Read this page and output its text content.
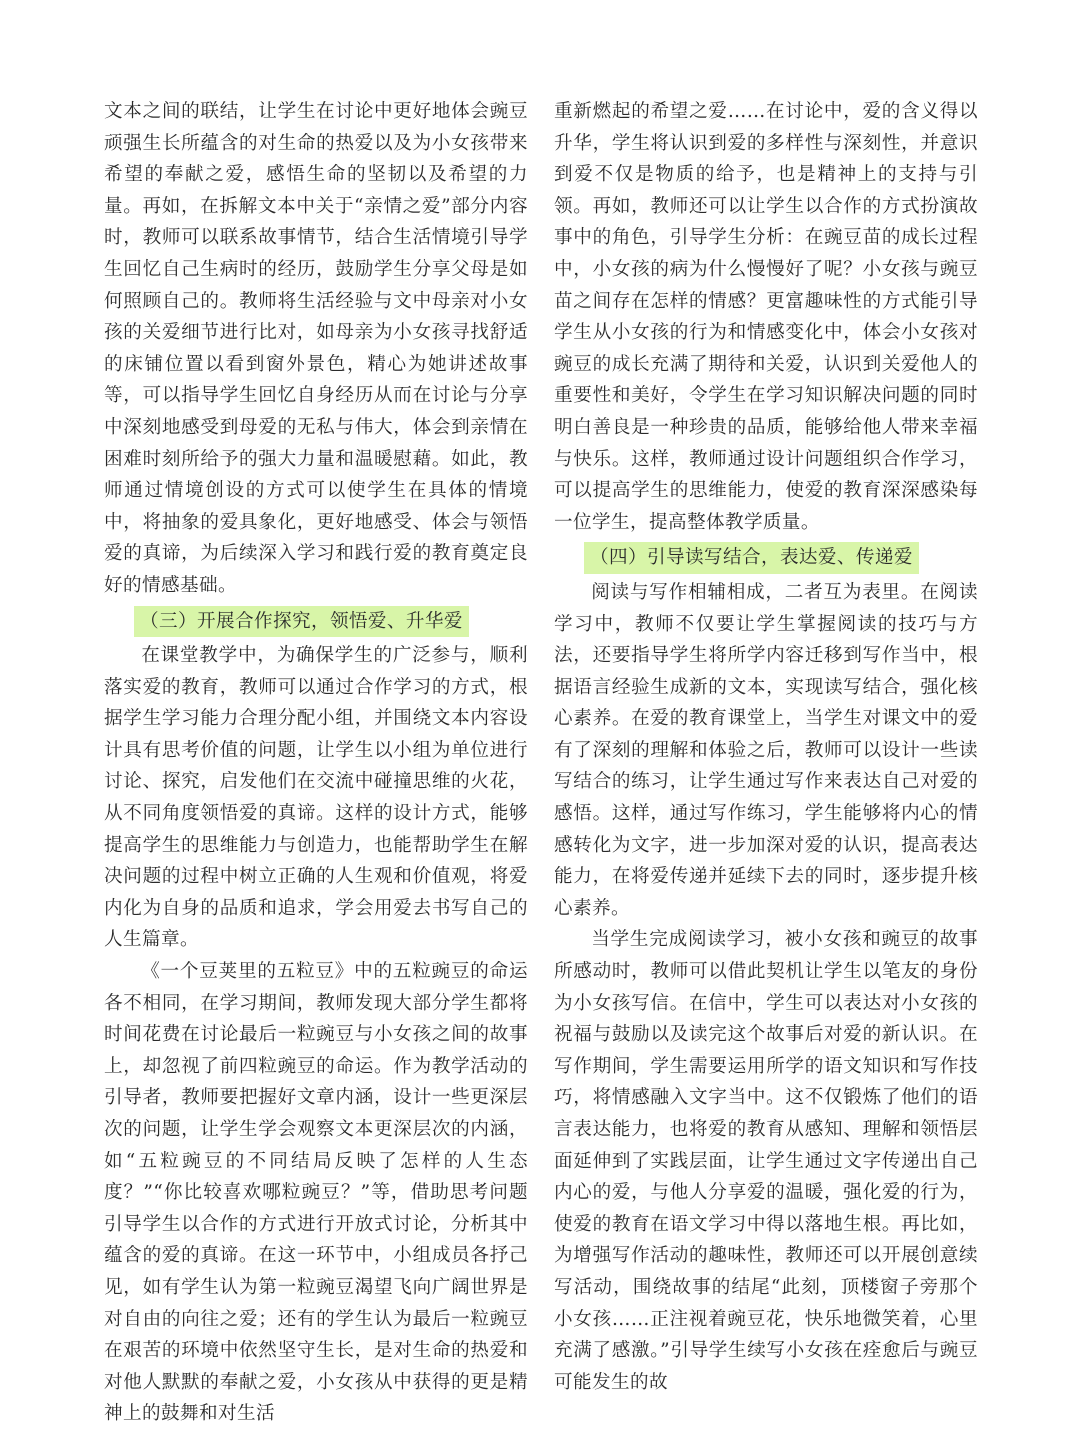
文本之间的联结，让学生在讨论中更好地体会豌豆顽强生长所蕴含的对生命的热爱以及为小女孩带来希望的奉献之爱，感悟生命的坚韧以及希望的力量。再如，在拆解文本中关于“亲情之爱”部分内容时，教师可以联系故事情节，结合生活情境引导学生回忆自己生病时的经历，鼓励学生分享父母是如何照顾自己的。教师将生活经验与文中母亲对小女孩的关爱细节进行比对，如母亲为小女孩寻找舒适的床铺位置以看到窗外景色，精心为她讲述故事等，可以指导学生回忆自身经历从而在讨论与分享中深刻地感受到母爱的无私与伟大，体会到亲情在困难时刻所给予的强大力量和温暖慰藉。如此，教师通过情境创设的方式可以使学生在具体的情境中，将抽象的爱具象化，更好地感受、体会与领悟爱的真谛，为后续深入学习和践行爱的教育奠定良好的情感基础。

（三）开展合作探究，领悟爱、升华爱

在课堂教学中，为确保学生的广泛参与，顺利落实爱的教育，教师可以通过合作学习的方式，根据学生学习能力合理分配小组，并围绕文本内容设计具有思考价值的问题，让学生以小组为单位进行讨论、探究，启发他们在交流中碰撞思维的火花，从不同角度领悟爱的真谛。这样的设计方式，能够提高学生的思维能力与创造力，也能帮助学生在解决问题的过程中树立正确的人生观和价值观，将爱内化为自身的品质和追求，学会用爱去书写自己的人生篇章。

《一个豆荚里的五粒豆》中的五粒豌豆的命运各不相同，在学习期间，教师发现大部分学生都将时间花费在讨论最后一粒豌豆与小女孩之间的故事上，却忽视了前四粒豌豆的命运。作为教学活动的引导者，教师要把握好文章内涵，设计一些更深层次的问题，让学生学会观察文本更深层次的内涵，如“五粒豌豆的不同结局反映了怎样的人生态度？”“你比较喜欢哪粒豌豆？”等，借助思考问题引导学生以合作的方式进行开放式讨论，分析其中蕴含的爱的真谛。在这一环节中，小组成员各抒己见，如有学生认为第一粒豌豆渴望飞向广阔世界是对自由的向往之爱；还有的学生认为最后一粒豌豆在艰苦的环境中依然坚守生长，是对生命的热爱和对他人默默的奉献之爱，小女孩从中获得的更是精神上的鼓舞和对生活

重新燃起的希望之爱……在讨论中，爱的含义得以升华，学生将认识到爱的多样性与深刻性，并意识到爱不仅是物质的给予，也是精神上的支持与引领。再如，教师还可以让学生以合作的方式扮演故事中的角色，引导学生分析：在豌豆苗的成长过程中，小女孩的病为什么慢慢好了呢？小女孩与豌豆苗之间存在怎样的情感？更富趣味性的方式能引导学生从小女孩的行为和情感变化中，体会小女孩对豌豆的成长充满了期待和关爱，认识到关爱他人的重要性和美好，令学生在学习知识解决问题的同时明白善良是一种珍贵的品质，能够给他人带来幸福与快乐。这样，教师通过设计问题组织合作学习，可以提高学生的思维能力，使爱的教育深深感染每一位学生，提高整体教学质量。

（四）引导读写结合，表达爱、传递爱

阅读与写作相辅相成，二者互为表里。在阅读学习中，教师不仅要让学生掌握阅读的技巧与方法，还要指导学生将所学内容迁移到写作当中，根据语言经验生成新的文本，实现读写结合，强化核心素养。在爱的教育课堂上，当学生对课文中的爱有了深刻的理解和体验之后，教师可以设计一些读写结合的练习，让学生通过写作来表达自己对爱的感悟。这样，通过写作练习，学生能够将内心的情感转化为文字，进一步加深对爱的认识，提高表达能力，在将爱传递并延续下去的同时，逐步提升核心素养。

当学生完成阅读学习，被小女孩和豌豆的故事所感动时，教师可以借此契机让学生以笔友的身份为小女孩写信。在信中，学生可以表达对小女孩的祝福与鼓励以及读完这个故事后对爱的新认识。在写作期间，学生需要运用所学的语文知识和写作技巧，将情感融入文字当中。这不仅锻炼了他们的语言表达能力，也将爱的教育从感知、理解和领悟层面延伸到了实践层面，让学生通过文字传递出自己内心的爱，与他人分享爱的温暖，强化爱的行为，使爱的教育在语文学习中得以落地生根。再比如，为增强写作活动的趣味性，教师还可以开展创意续写活动，围绕故事的结尾“此刻，顶楼窗子旁那个小女孩……正注视着豌豆花，快乐地微笑着，心里充满了感激。”引导学生续写小女孩在痊愈后与豌豆可能发生的故
